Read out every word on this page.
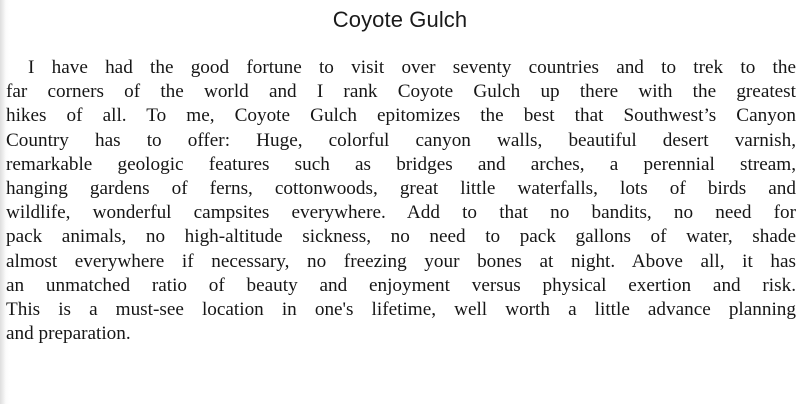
Coyote Gulch
I have had the good fortune to visit over seventy countries and to trek to the
far corners of the world and I rank Coyote Gulch up there with the greatest
hikes of all. To me, Coyote Gulch epitomizes the best that Southwest’s Canyon
Country has to offer: Huge, colorful canyon walls, beautiful desert varnish,
remarkable geologic features such as bridges and arches, a perennial stream,
hanging gardens of ferns, cottonwoods, great little waterfalls, lots of birds and
wildlife, wonderful campsites everywhere. Add to that no bandits, no need for
pack animals, no high-altitude sickness, no need to pack gallons of water, shade
almost everywhere if necessary, no freezing your bones at night. Above all, it has
an unmatched ratio of beauty and enjoyment versus physical exertion and risk.
This is a must-see location in one's lifetime, well worth a little advance planning
and preparation.
